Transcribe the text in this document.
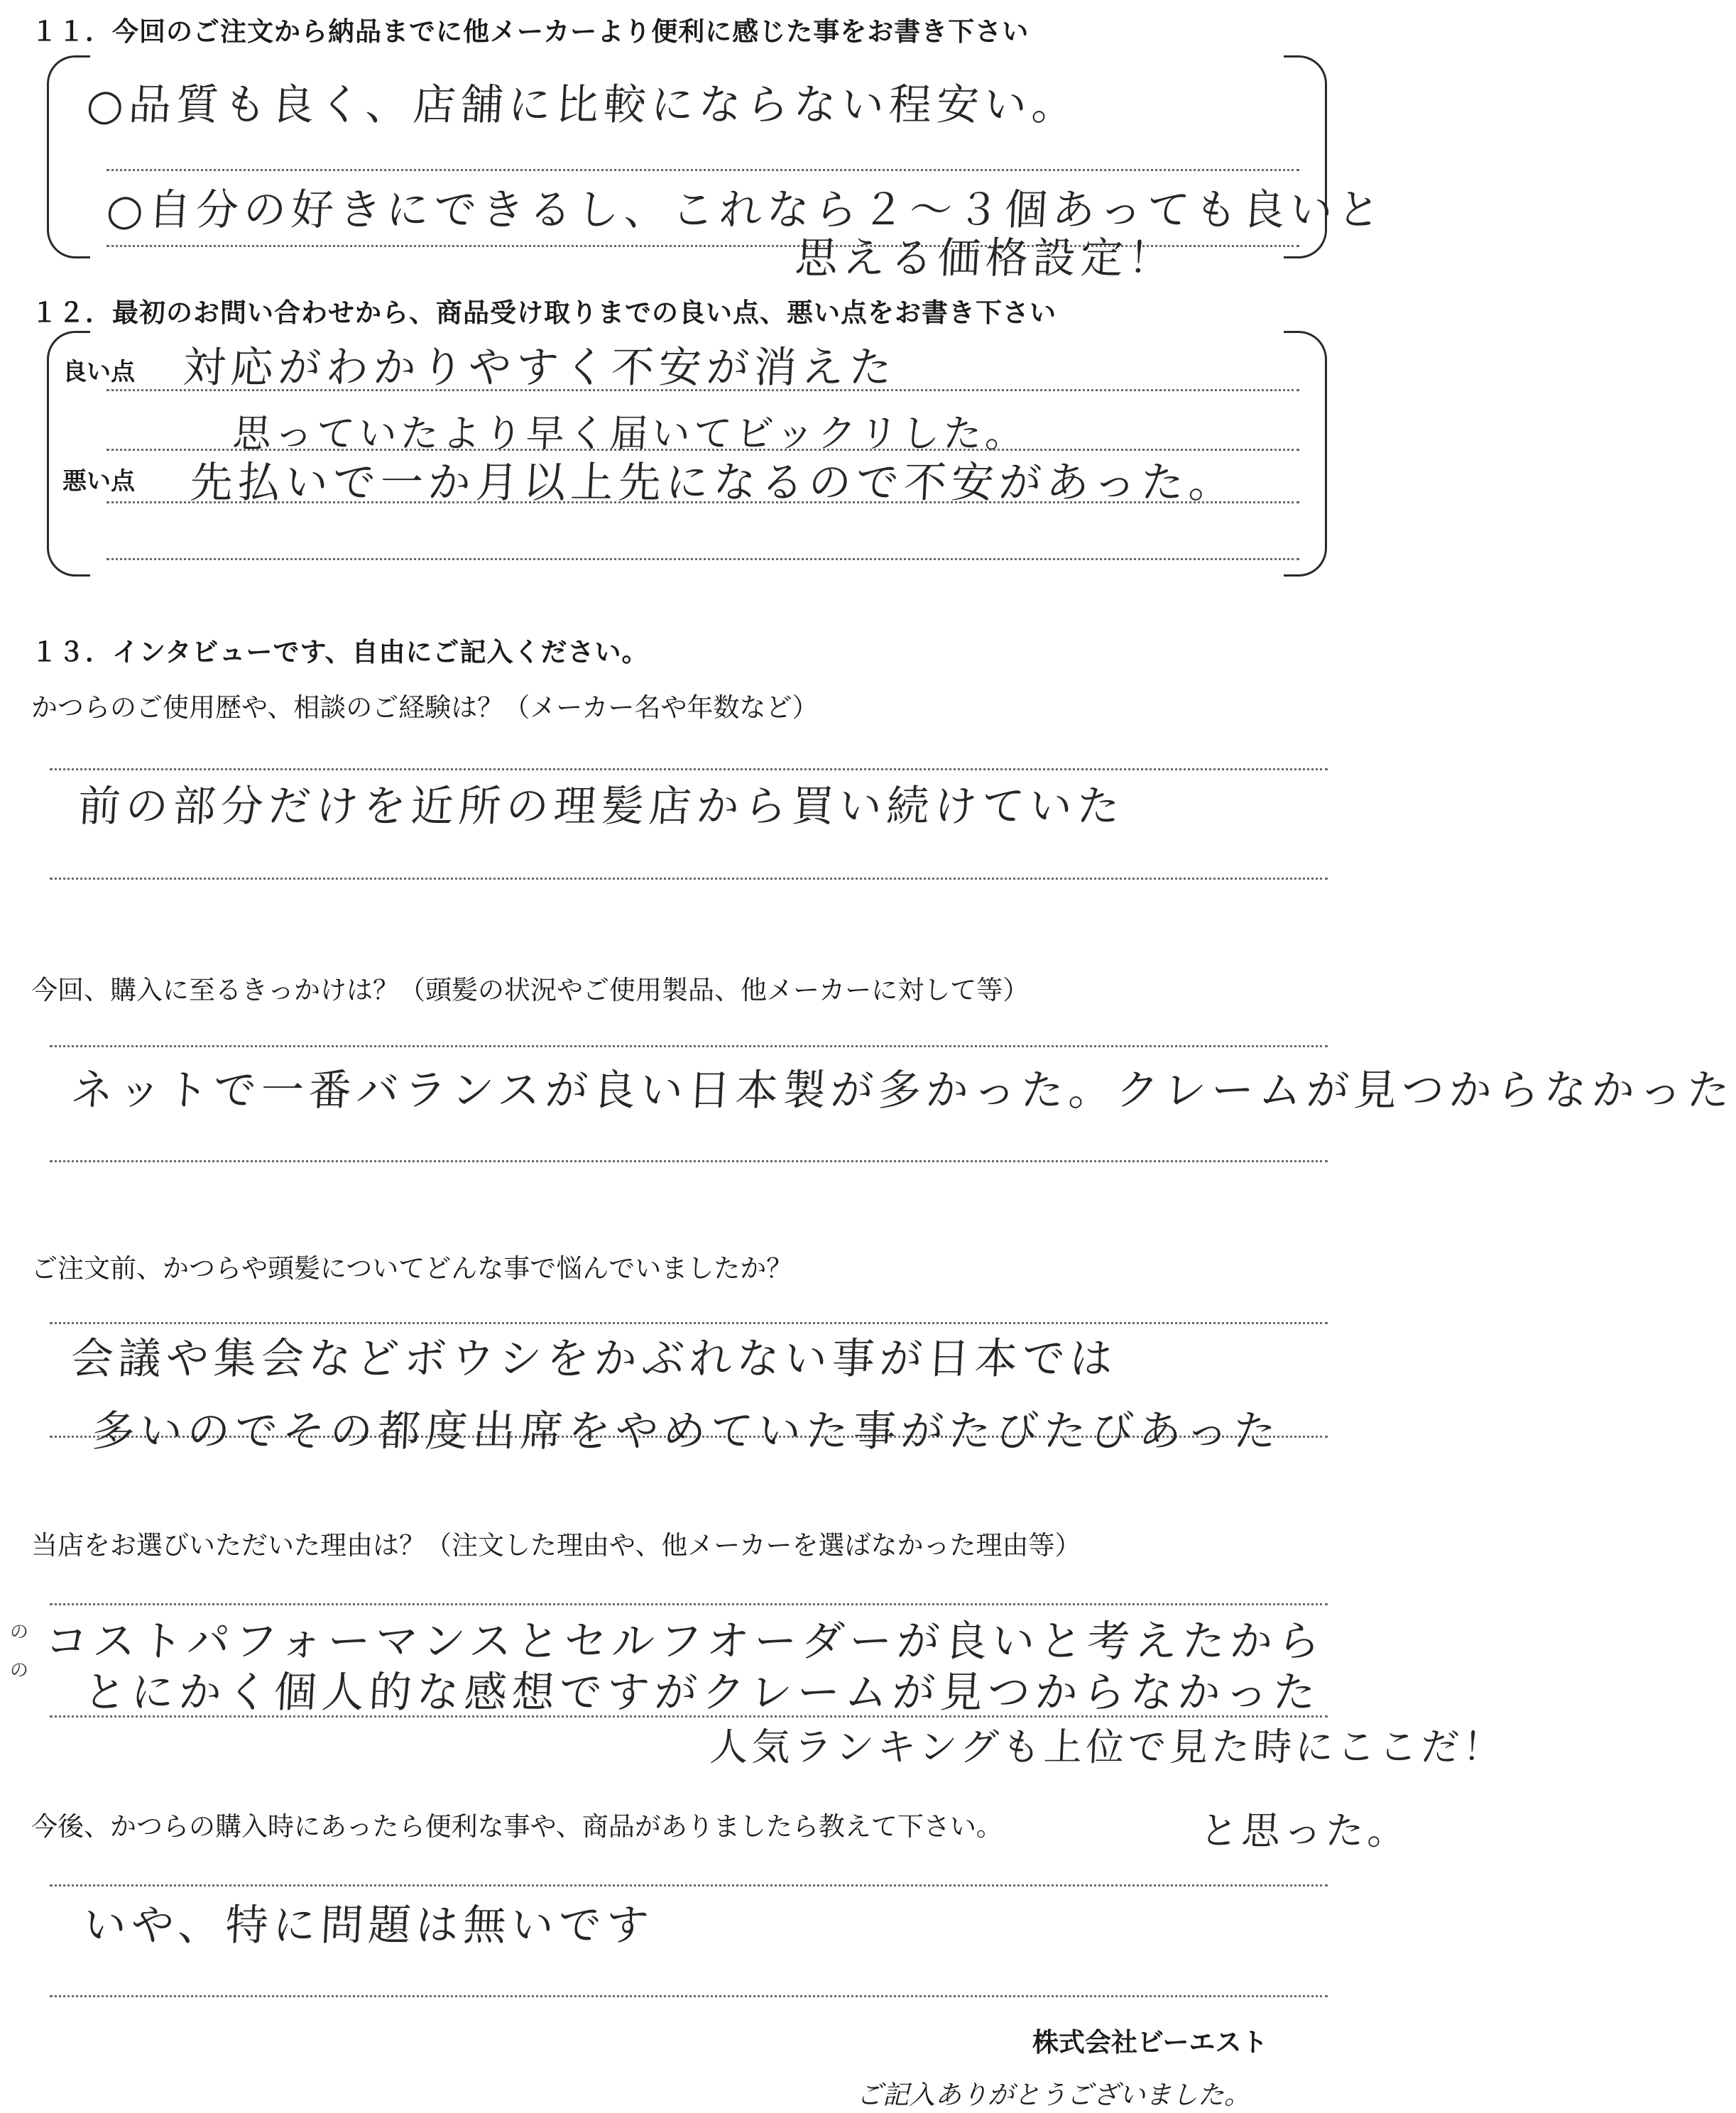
１１．今回のご注文から納品までに他メーカーより便利に感じた事をお書き下さい
○品質も良く、店舗に比較にならない程安い。
○自分の好きにできるし、これなら２～３個あっても良いと
思える価格設定！
１２．最初のお問い合わせから、商品受け取りまでの良い点、悪い点をお書き下さい
良い点
悪い点
対応がわかりやすく不安が消えた
思っていたより早く届いてビックリした。
先払いで一か月以上先になるので不安があった。
１３．インタビューです、自由にご記入ください。
かつらのご使用歴や、相談のご経験は？（メーカー名や年数など）
前の部分だけを近所の理髪店から買い続けていた
今回、購入に至るきっかけは？（頭髪の状況やご使用製品、他メーカーに対して等）
ネットで一番バランスが良い日本製が多かった。クレームが見つからなかった
ご注文前、かつらや頭髪についてどんな事で悩んでいましたか？
会議や集会などボウシをかぶれない事が日本では
多いのでその都度出席をやめていた事がたびたびあった
当店をお選びいただいた理由は？（注文した理由や、他メーカーを選ばなかった理由等）
の
の
コストパフォーマンスとセルフオーダーが良いと考えたから
とにかく個人的な感想ですがクレームが見つからなかった
人気ランキングも上位で見た時にここだ！
と思った。
今後、かつらの購入時にあったら便利な事や、商品がありましたら教えて下さい。
いや、特に問題は無いです
株式会社ビーエスト
ご記入ありがとうございました。
